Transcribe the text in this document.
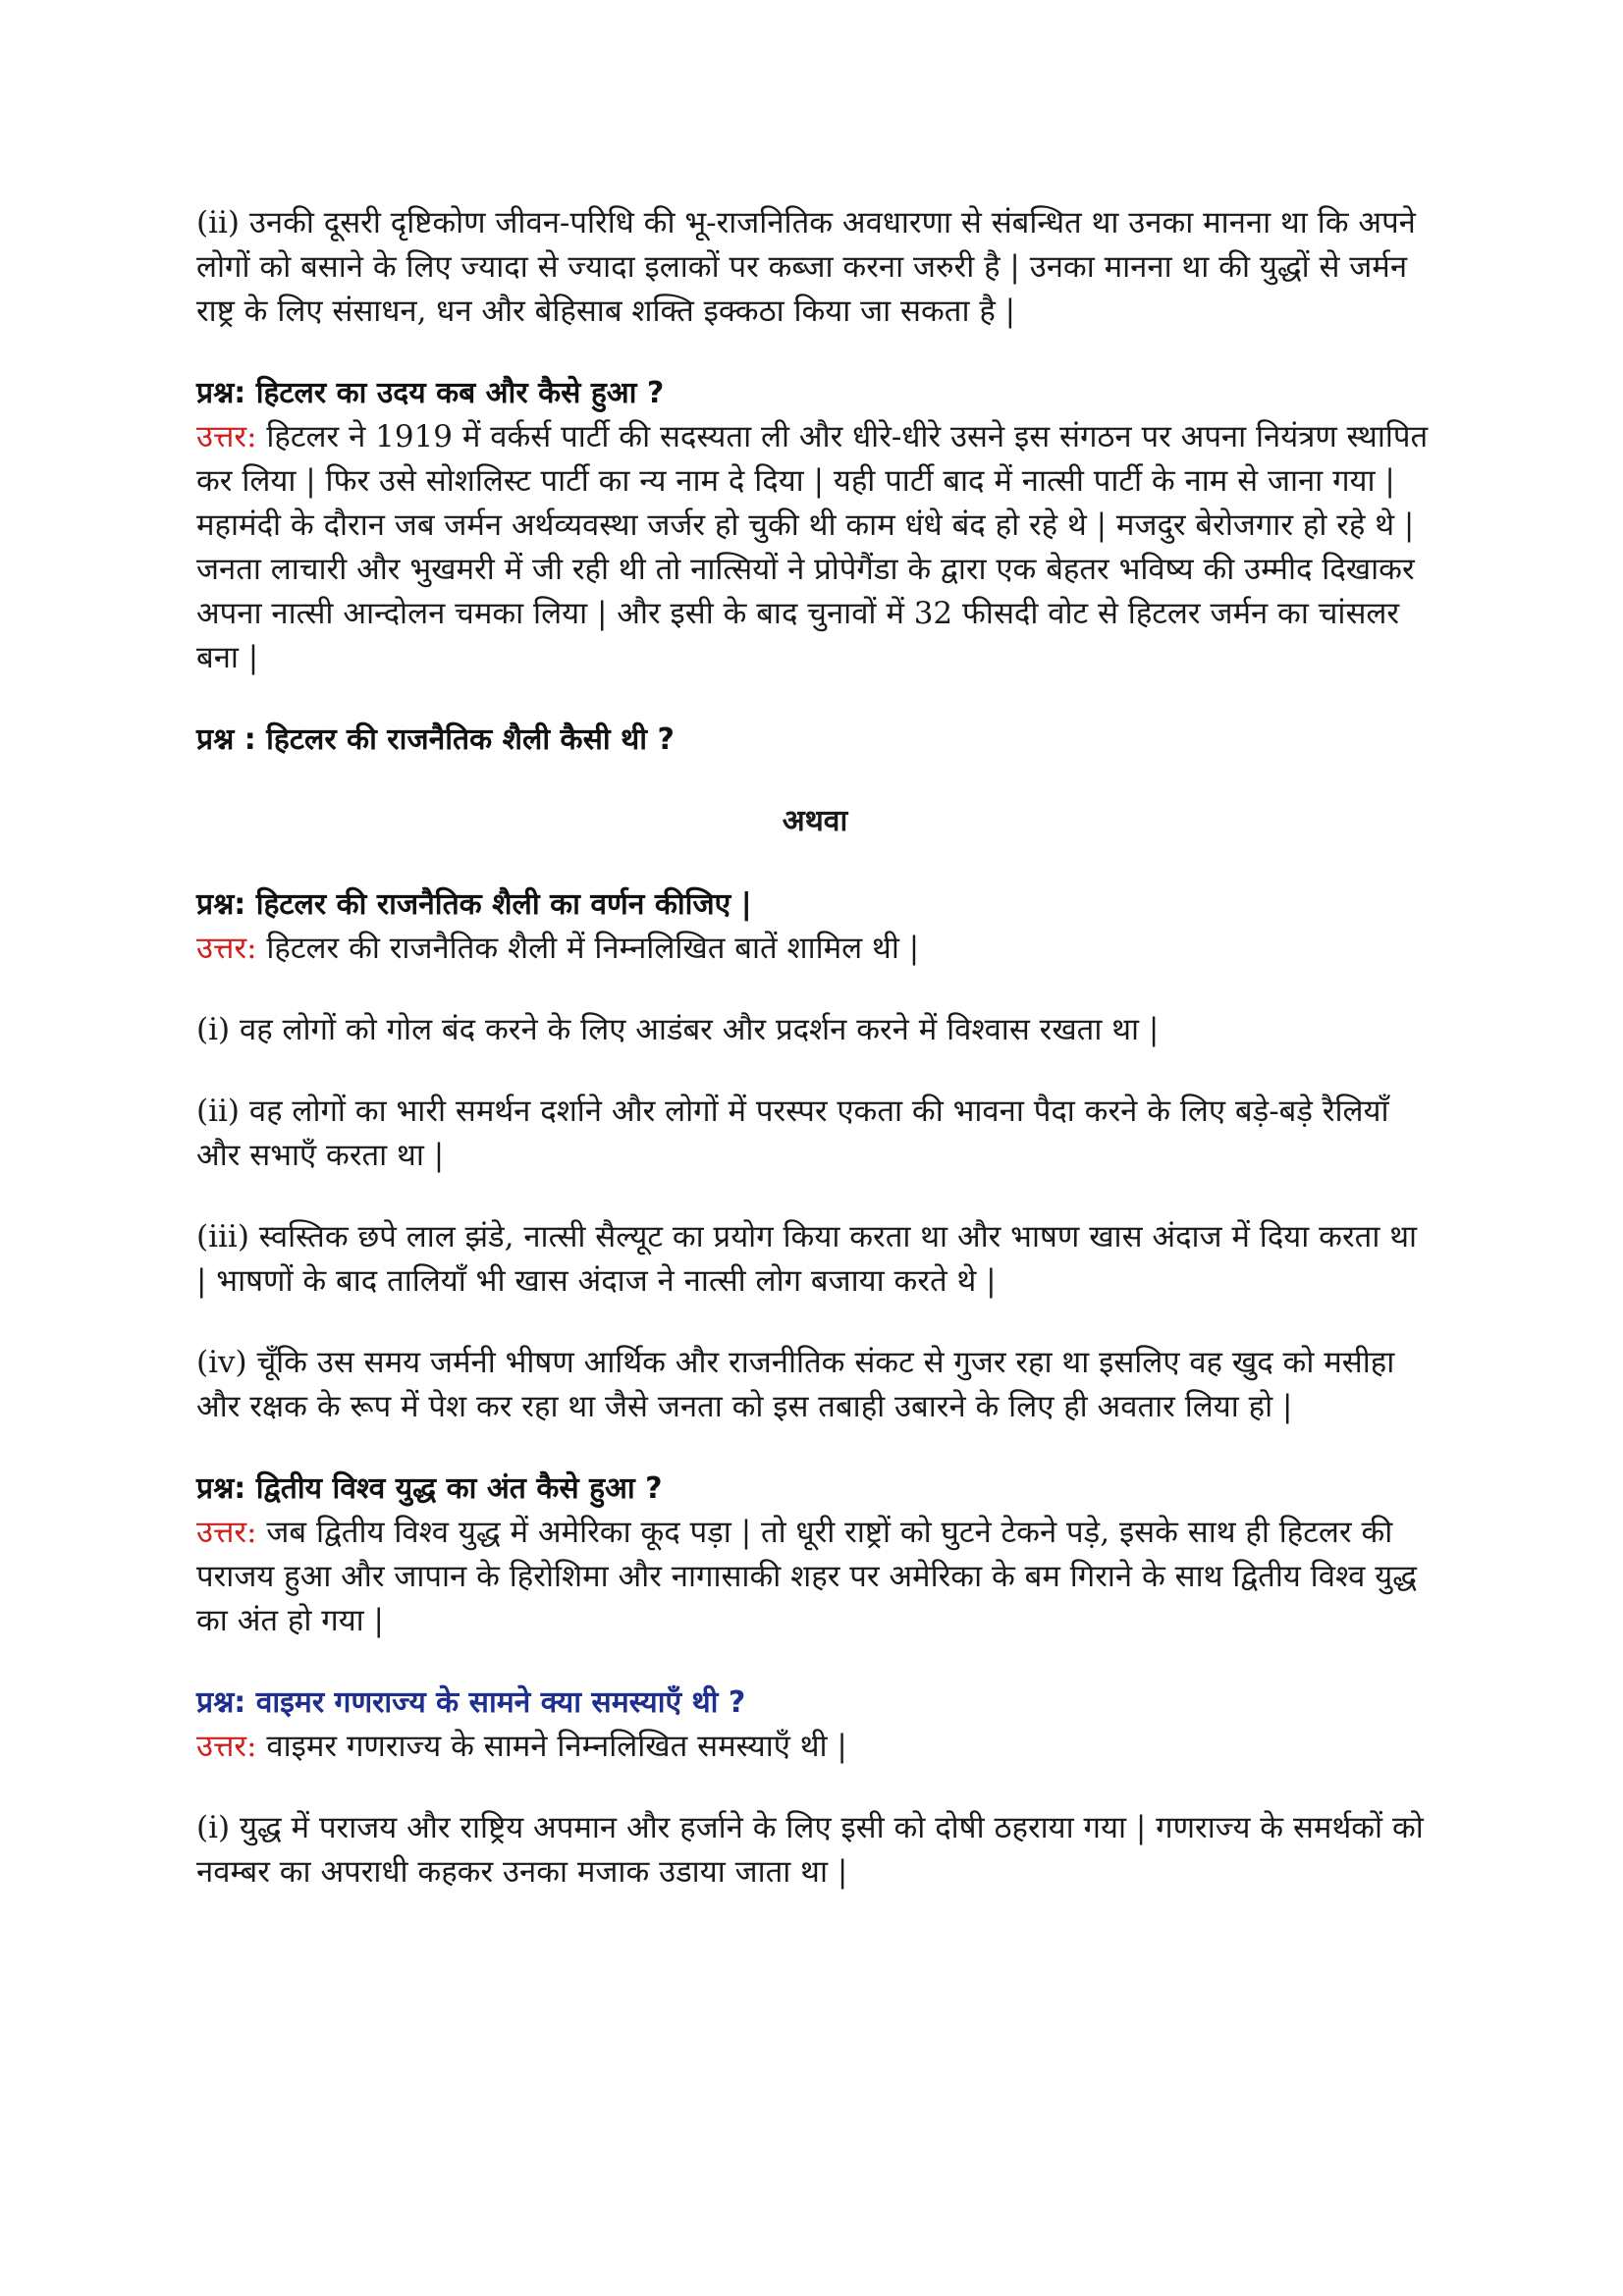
(ii) उनकी दूसरी दृष्टिकोण जीवन-परिधि की भू-राजनितिक अवधारणा से संबन्धित था उनका मानना था कि अपने लोगों को बसाने के लिए ज्यादा से ज्यादा इलाकों पर कब्जा करना जरुरी है | उनका मानना था की युद्धों से जर्मन राष्ट्र के लिए संसाधन, धन और बेहिसाब शक्ति इक्कठा किया जा सकता है |

प्रश्न: हिटलर का उदय कब और कैसे हुआ ?

उत्तर: हिटलर ने 1919 में वर्कर्स पार्टी की सदस्यता ली और धीरे-धीरे उसने इस संगठन पर अपना नियंत्रण स्थापित कर लिया | फिर उसे सोशलिस्ट पार्टी का न्य नाम दे दिया | यही पार्टी बाद में नात्सी पार्टी के नाम से जाना गया | महामंदी के दौरान जब जर्मन अर्थव्यवस्था जर्जर हो चुकी थी काम धंधे बंद हो रहे थे | मजदुर बेरोजगार हो रहे थे | जनता लाचारी और भुखमरी में जी रही थी तो नात्सियों ने प्रोपेगैंडा के द्वारा एक बेहतर भविष्य की उम्मीद दिखाकर अपना नात्सी आन्दोलन चमका लिया | और इसी के बाद चुनावों में 32 फीसदी वोट से हिटलर जर्मन का चांसलर बना |

प्रश्न : हिटलर की राजनैतिक शैली कैसी थी ?

अथवा

प्रश्न: हिटलर की राजनैतिक शैली का वर्णन कीजिए |

उत्तर: हिटलर की राजनैतिक शैली में निम्नलिखित बातें शामिल थी |

(i) वह लोगों को गोल बंद करने के लिए आडंबर और प्रदर्शन करने में विश्वास रखता था |

(ii) वह लोगों का भारी समर्थन दर्शाने और लोगों में परस्पर एकता की भावना पैदा करने के लिए बड़े-बड़े रैलियाँ और सभाएँ करता था |

(iii) स्वस्तिक छपे लाल झंडे, नात्सी सैल्यूट का प्रयोग किया करता था और भाषण खास अंदाज में दिया करता था | भाषणों के बाद तालियाँ भी खास अंदाज ने नात्सी लोग बजाया करते थे |

(iv) चूँकि उस समय जर्मनी भीषण आर्थिक और राजनीतिक संकट से गुजर रहा था इसलिए वह खुद को मसीहा और रक्षक के रूप में पेश कर रहा था जैसे जनता को इस तबाही उबारने के लिए ही अवतार लिया हो |

प्रश्न: द्वितीय विश्व युद्ध का अंत कैसे हुआ ?

उत्तर: जब द्वितीय विश्व युद्ध में अमेरिका कूद पड़ा | तो धूरी राष्ट्रों को घुटने टेकने पड़े, इसके साथ ही हिटलर की पराजय हुआ और जापान के हिरोशिमा और नागासाकी शहर पर अमेरिका के बम गिराने के साथ द्वितीय विश्व युद्ध का अंत हो गया |

प्रश्न: वाइमर गणराज्य के सामने क्या समस्याएँ थी ?

उत्तर: वाइमर गणराज्य के सामने निम्नलिखित समस्याएँ थी |

(i) युद्ध में पराजय और राष्ट्रिय अपमान और हर्जाने के लिए इसी को दोषी ठहराया गया | गणराज्य के समर्थकों को नवम्बर का अपराधी कहकर उनका मजाक उडाया जाता था |
